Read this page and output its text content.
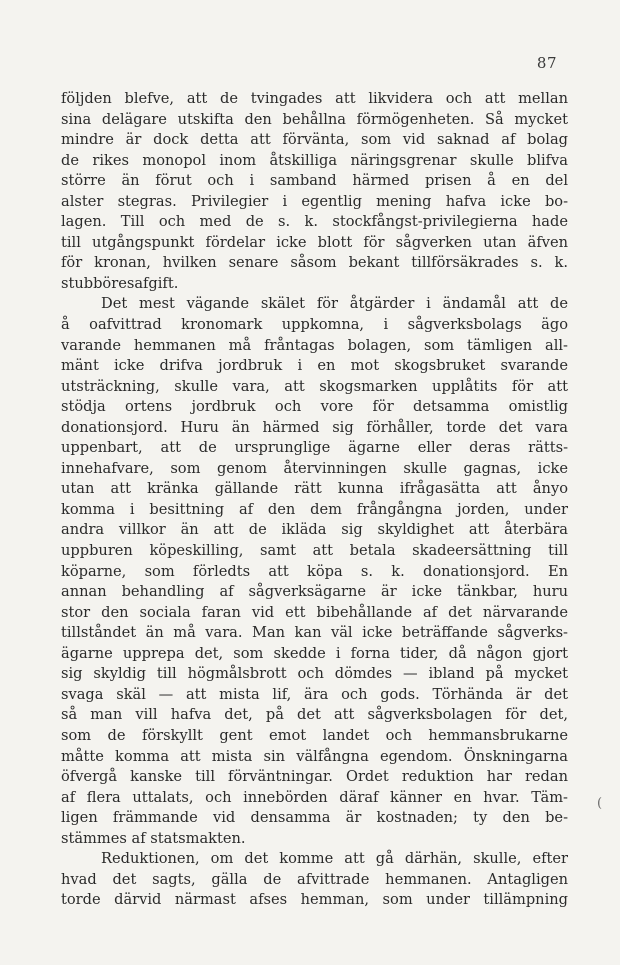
87
följden blefve, att de tvingades att likvidera och att mellan
sina delägare utskifta den behållna förmögenheten. Så mycket
mindre är dock detta att förvänta, som vid saknad af bolag
de rikes monopol inom åtskilliga näringsgrenar skulle blifva
större än förut och i samband härmed prisen å en del
alster stegras. Privilegier i egentlig mening hafva icke bo-
lagen. Till och med de s. k. stockfångst-privilegierna hade
till utgångspunkt fördelar icke blott för sågverken utan äfven
för kronan, hvilken senare såsom bekant tillförsäkrades s. k.
stubböresafgift.
Det mest vägande skälet för åtgärder i ändamål att de
å oafvittrad kronomark uppkomna, i sågverksbolags ägo
varande hemmanen må fråntagas bolagen, som tämligen all-
mänt icke drifva jordbruk i en mot skogsbruket svarande
utsträckning, skulle vara, att skogsmarken upplåtits för att
stödja ortens jordbruk och vore för detsamma omistlig
donationsjord. Huru än härmed sig förhåller, torde det vara
uppenbart, att de ursprunglige ägarne eller deras rätts-
innehafvare, som genom återvinningen skulle gagnas, icke
utan att kränka gällande rätt kunna ifrågasätta att ånyo
komma i besittning af den dem frångångna jorden, under
andra villkor än att de ikläda sig skyldighet att återbära
uppburen köpeskilling, samt att betala skadeersättning till
köparne, som förledts att köpa s. k. donationsjord. En
annan behandling af sågverksägarne är icke tänkbar, huru
stor den sociala faran vid ett bibehållande af det närvarande
tillståndet än må vara. Man kan väl icke beträffande sågverks-
ägarne upprepa det, som skedde i forna tider, då någon gjort
sig skyldig till högmålsbrott och dömdes — ibland på mycket
svaga skäl — att mista lif, ära och gods. Törhända är det
så man vill hafva det, på det att sågverksbolagen för det,
som de förskyllt gent emot landet och hemmansbrukarne
måtte komma att mista sin välfångna egendom. Önskningarna
öfvergå kanske till förväntningar. Ordet reduktion har redan
af flera uttalats, och innebörden däraf känner en hvar. Täm-
ligen främmande vid densamma är kostnaden; ty den be-
stämmes af statsmakten.
Reduktionen, om det komme att gå därhän, skulle, efter
hvad det sagts, gälla de afvittrade hemmanen. Antagligen
torde därvid närmast afses hemman, som under tillämpning
(
